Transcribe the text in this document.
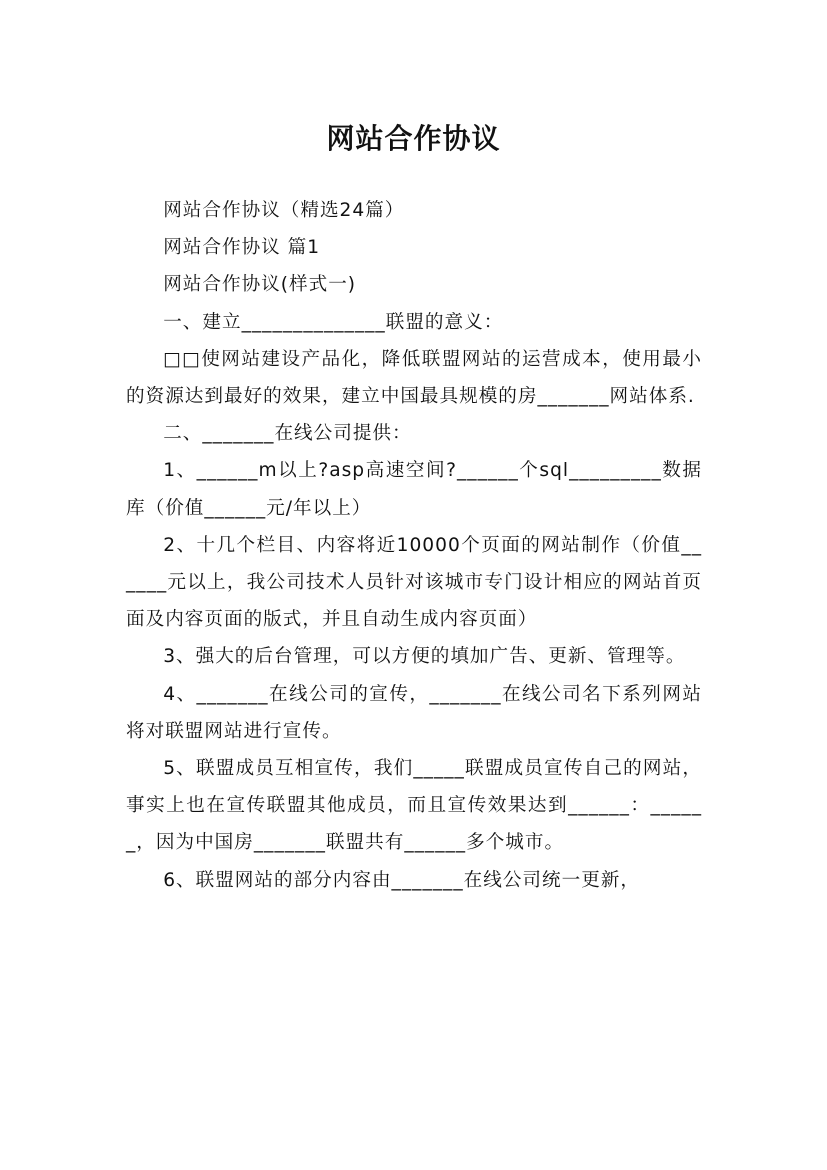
网站合作协议

网站合作协议（精选24篇）

网站合作协议 篇1

网站合作协议(样式一)

一、建立______________联盟的意义：

□□使网站建设产品化，降低联盟网站的运营成本，使用最小的资源达到最好的效果，建立中国最具规模的房_______网站体系.

二、_______在线公司提供：

1、______m以上?asp高速空间?______个sql_________数据库（价值______元/年以上）

2、十几个栏目、内容将近10000个页面的网站制作（价值______元以上，我公司技术人员针对该城市专门设计相应的网站首页面及内容页面的版式，并且自动生成内容页面）

3、强大的后台管理，可以方便的填加广告、更新、管理等。

4、_______在线公司的宣传，_______在线公司名下系列网站将对联盟网站进行宣传。

5、联盟成员互相宣传，我们_____联盟成员宣传自己的网站，事实上也在宣传联盟其他成员，而且宣传效果达到______：______，因为中国房_______联盟共有______多个城市。

6、联盟网站的部分内容由_______在线公司统一更新，
